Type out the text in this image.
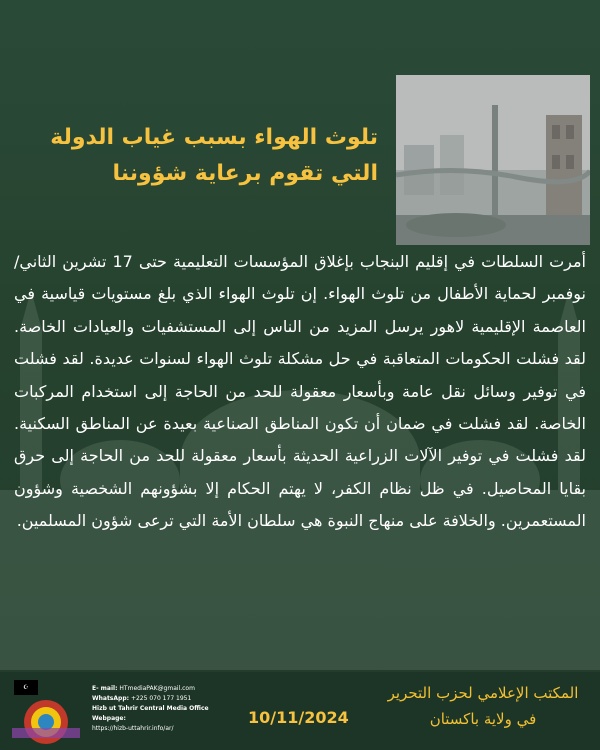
تلوث الهواء بسبب غياب الدولة
التي تقوم برعاية شؤوننا
أمرت السلطات في إقليم البنجاب بإغلاق المؤسسات التعليمية حتى 17 تشرين الثاني/نوفمبر لحماية الأطفال من تلوث الهواء. إن تلوث الهواء الذي بلغ مستويات قياسية في العاصمة الإقليمية لاهور يرسل المزيد من الناس إلى المستشفيات والعيادات الخاصة. لقد فشلت الحكومات المتعاقبة في حل مشكلة تلوث الهواء لسنوات عديدة. لقد فشلت في توفير وسائل نقل عامة وبأسعار معقولة للحد من الحاجة إلى استخدام المركبات الخاصة. لقد فشلت في ضمان أن تكون المناطق الصناعية بعيدة عن المناطق السكنية. لقد فشلت في توفير الآلات الزراعية الحديثة بأسعار معقولة للحد من الحاجة إلى حرق بقايا المحاصيل. في ظل نظام الكفر، لا يهتم الحكام إلا بشؤونهم الشخصية وشؤون المستعمرين. والخلافة على منهاج النبوة هي سلطان الأمة التي ترعى شؤون المسلمين.
المكتب الإعلامي لحزب التحرير
في ولاية باكستان
10/11/2024
E- mail: HTmediaPAK@gmail.com
WhatsApp: +225 070 177 1951
Hizb ut Tahrir Central Media Office Webpage:
https://hizb-uttahrir.info/ar/
☪
